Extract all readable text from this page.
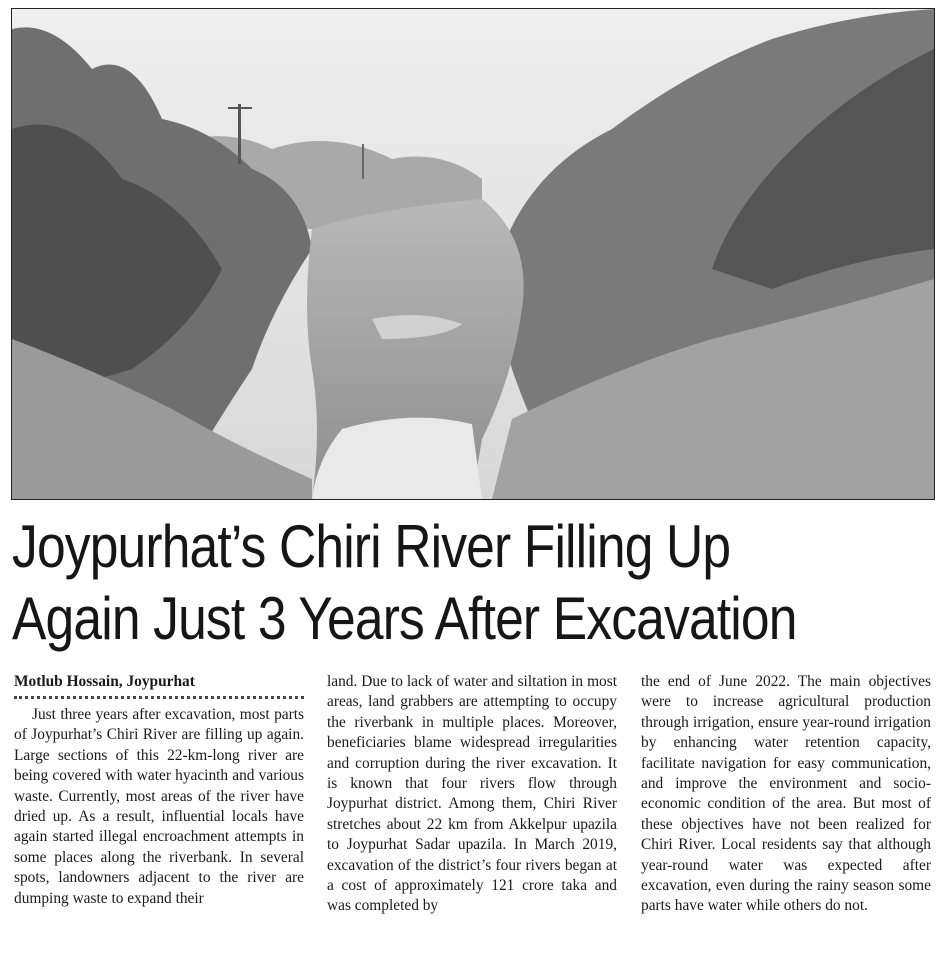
Joypurhat’s Chiri River Filling Up
Again Just 3 Years After Excavation
Motlub Hossain, Joypurhat

Just three years after excavation, most parts of Joypurhat’s Chiri River are filling up again. Large sections of this 22-km-long river are being covered with water hyacinth and various waste. Currently, most areas of the river have dried up. As a result, influential locals have again started illegal encroachment attempts in some places along the riverbank. In several spots, landowners adjacent to the river are dumping waste to expand their

land. Due to lack of water and siltation in most areas, land grabbers are attempting to occupy the riverbank in multiple places. Moreover, beneficiaries blame widespread irregularities and corruption during the river excavation. It is known that four rivers flow through Joypurhat district. Among them, Chiri River stretches about 22 km from Akkelpur upazila to Joypurhat Sadar upazila. In March 2019, excavation of the district’s four rivers began at a cost of approximately 121 crore taka and was completed by

the end of June 2022. The main objectives were to increase agricultural production through irrigation, ensure year-round irrigation by enhancing water retention capacity, facilitate navigation for easy communication, and improve the environment and socio-economic condition of the area. But most of these objectives have not been realized for Chiri River. Local residents say that although year-round water was expected after excavation, even during the rainy season some parts have water while others do not.
